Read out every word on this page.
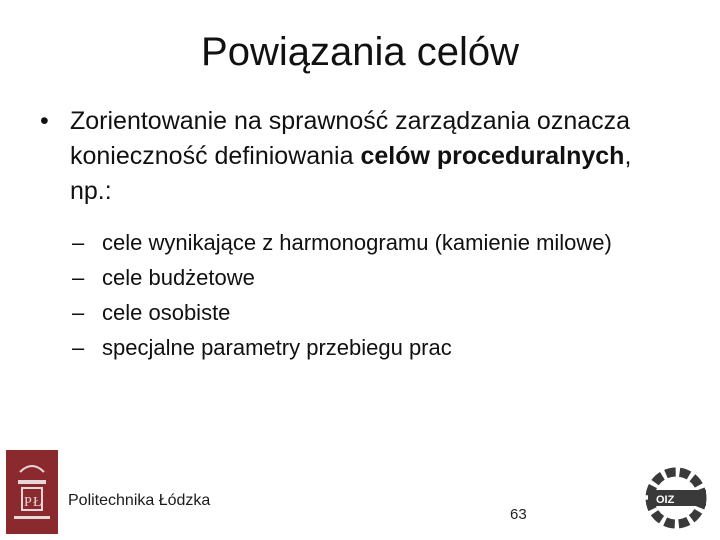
Powiązania celów
• Zorientowanie na sprawność zarządzania oznacza konieczność definiowania celów proceduralnych, np.:
– cele wynikające z harmonogramu (kamienie milowe)
– cele budżetowe
– cele osobiste
– specjalne parametry przebiegu prac
P Ł Politechnika Łódzka
63
OIZ
